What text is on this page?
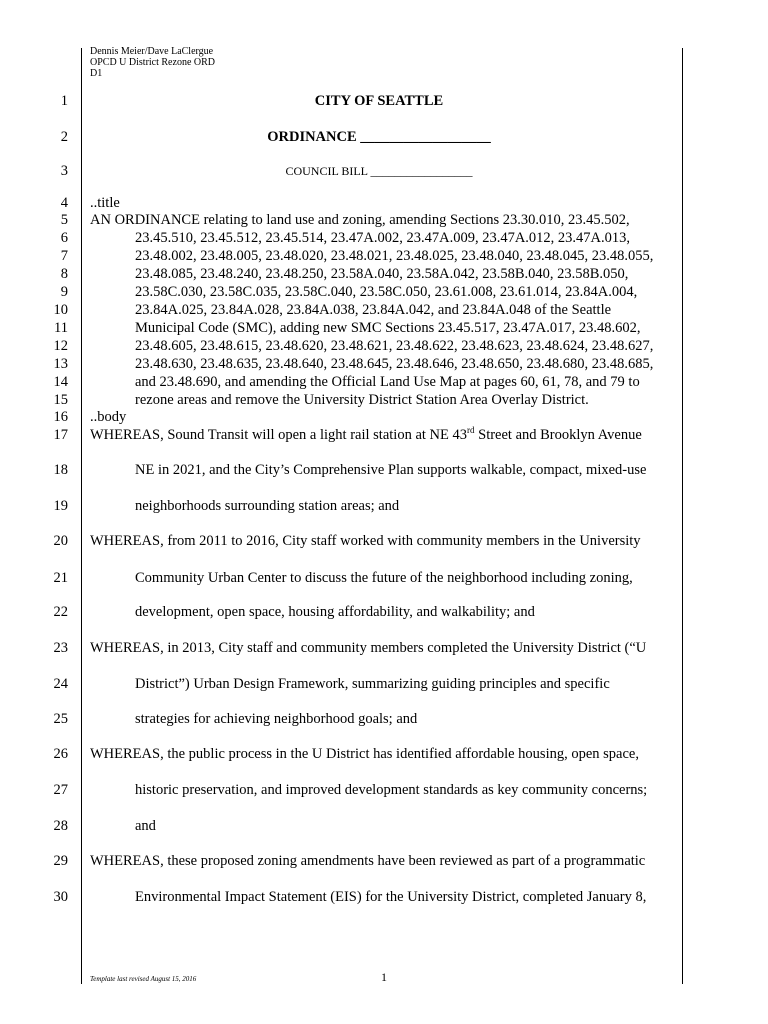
Dennis Meier/Dave LaClergue
OPCD U District Rezone ORD
D1
1
2
3
4
5
6
7
8
9
10
11
12
13
14
15
16
17
18
19
20
21
22
23
24
25
26
27
28
29
30
CITY OF SEATTLE
ORDINANCE __________________
COUNCIL BILL _________________
..title
AN ORDINANCE relating to land use and zoning, amending Sections 23.30.010, 23.45.502,
23.45.510, 23.45.512, 23.45.514, 23.47A.002, 23.47A.009, 23.47A.012, 23.47A.013,
23.48.002, 23.48.005, 23.48.020, 23.48.021, 23.48.025, 23.48.040, 23.48.045, 23.48.055,
23.48.085, 23.48.240, 23.48.250, 23.58A.040, 23.58A.042, 23.58B.040, 23.58B.050,
23.58C.030, 23.58C.035, 23.58C.040, 23.58C.050, 23.61.008, 23.61.014, 23.84A.004,
23.84A.025, 23.84A.028, 23.84A.038, 23.84A.042, and 23.84A.048 of the Seattle
Municipal Code (SMC), adding new SMC Sections 23.45.517, 23.47A.017, 23.48.602,
23.48.605, 23.48.615, 23.48.620, 23.48.621, 23.48.622, 23.48.623, 23.48.624, 23.48.627,
23.48.630, 23.48.635, 23.48.640, 23.48.645, 23.48.646, 23.48.650, 23.48.680, 23.48.685,
and 23.48.690, and amending the Official Land Use Map at pages 60, 61, 78, and 79 to
rezone areas and remove the University District Station Area Overlay District.
..body
WHEREAS, Sound Transit will open a light rail station at NE 43rd Street and Brooklyn Avenue
NE in 2021, and the City’s Comprehensive Plan supports walkable, compact, mixed-use
neighborhoods surrounding station areas; and
WHEREAS, from 2011 to 2016, City staff worked with community members in the University
Community Urban Center to discuss the future of the neighborhood including zoning,
development, open space, housing affordability, and walkability; and
WHEREAS, in 2013, City staff and community members completed the University District (“U
District”) Urban Design Framework, summarizing guiding principles and specific
strategies for achieving neighborhood goals; and
WHEREAS, the public process in the U District has identified affordable housing, open space,
historic preservation, and improved development standards as key community concerns;
and
WHEREAS, these proposed zoning amendments have been reviewed as part of a programmatic
Environmental Impact Statement (EIS) for the University District, completed January 8,
Template last revised August 15, 2016	1
